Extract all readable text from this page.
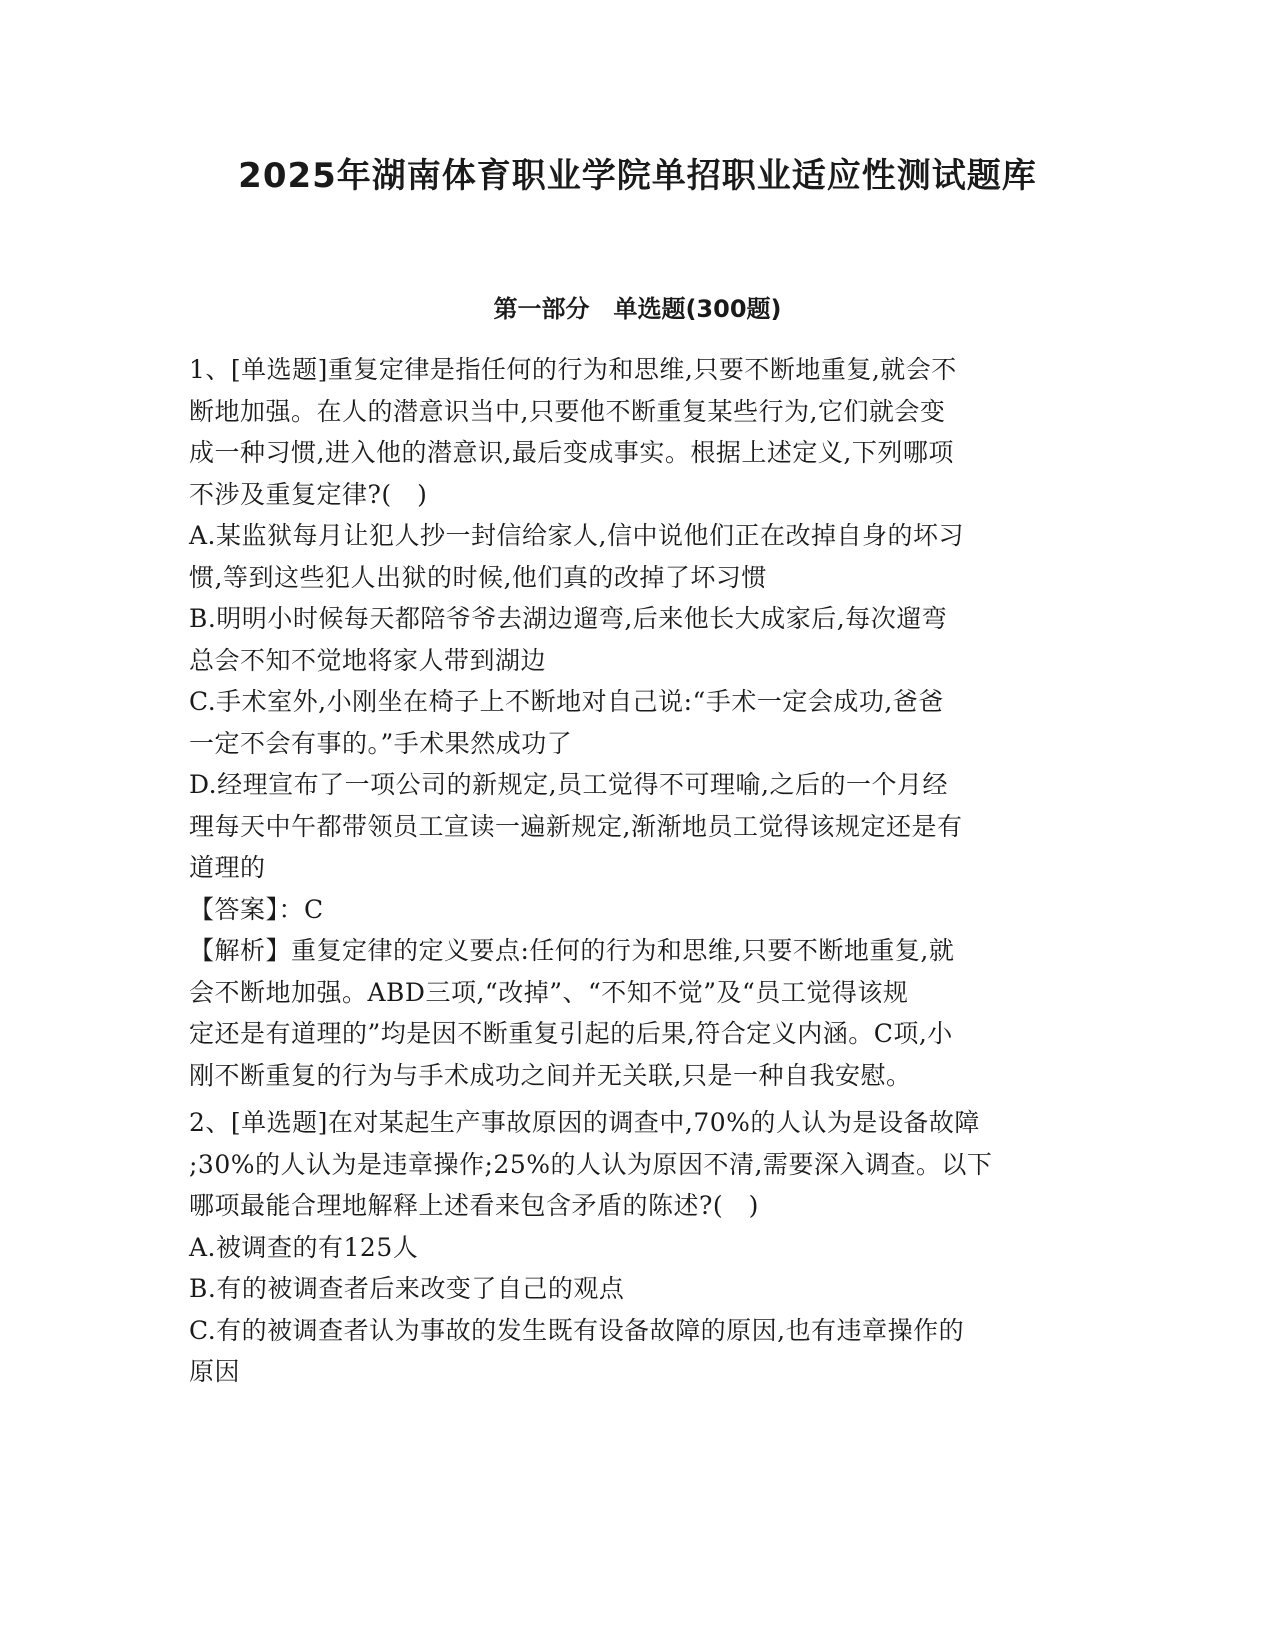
2025年湖南体育职业学院单招职业适应性测试题库
第一部分　单选题(300题)
1、[单选题]重复定律是指任何的行为和思维,只要不断地重复,就会不
断地加强。在人的潜意识当中,只要他不断重复某些行为,它们就会变
成一种习惯,进入他的潜意识,最后变成事实。根据上述定义,下列哪项
不涉及重复定律?(　)
A.某监狱每月让犯人抄一封信给家人,信中说他们正在改掉自身的坏习
惯,等到这些犯人出狱的时候,他们真的改掉了坏习惯
B.明明小时候每天都陪爷爷去湖边遛弯,后来他长大成家后,每次遛弯
总会不知不觉地将家人带到湖边
C.手术室外,小刚坐在椅子上不断地对自己说:“手术一定会成功,爸爸
一定不会有事的。”手术果然成功了
D.经理宣布了一项公司的新规定,员工觉得不可理喻,之后的一个月经
理每天中午都带领员工宣读一遍新规定,渐渐地员工觉得该规定还是有
道理的
【答案】：C
【解析】重复定律的定义要点:任何的行为和思维,只要不断地重复,就
会不断地加强。ABD三项,“改掉”、“不知不觉”及“员工觉得该规
定还是有道理的”均是因不断重复引起的后果,符合定义内涵。C项,小
刚不断重复的行为与手术成功之间并无关联,只是一种自我安慰。
2、[单选题]在对某起生产事故原因的调查中,70%的人认为是设备故障
;30%的人认为是违章操作;25%的人认为原因不清,需要深入调查。以下
哪项最能合理地解释上述看来包含矛盾的陈述?(　)
A.被调查的有125人
B.有的被调查者后来改变了自己的观点
C.有的被调查者认为事故的发生既有设备故障的原因,也有违章操作的
原因
